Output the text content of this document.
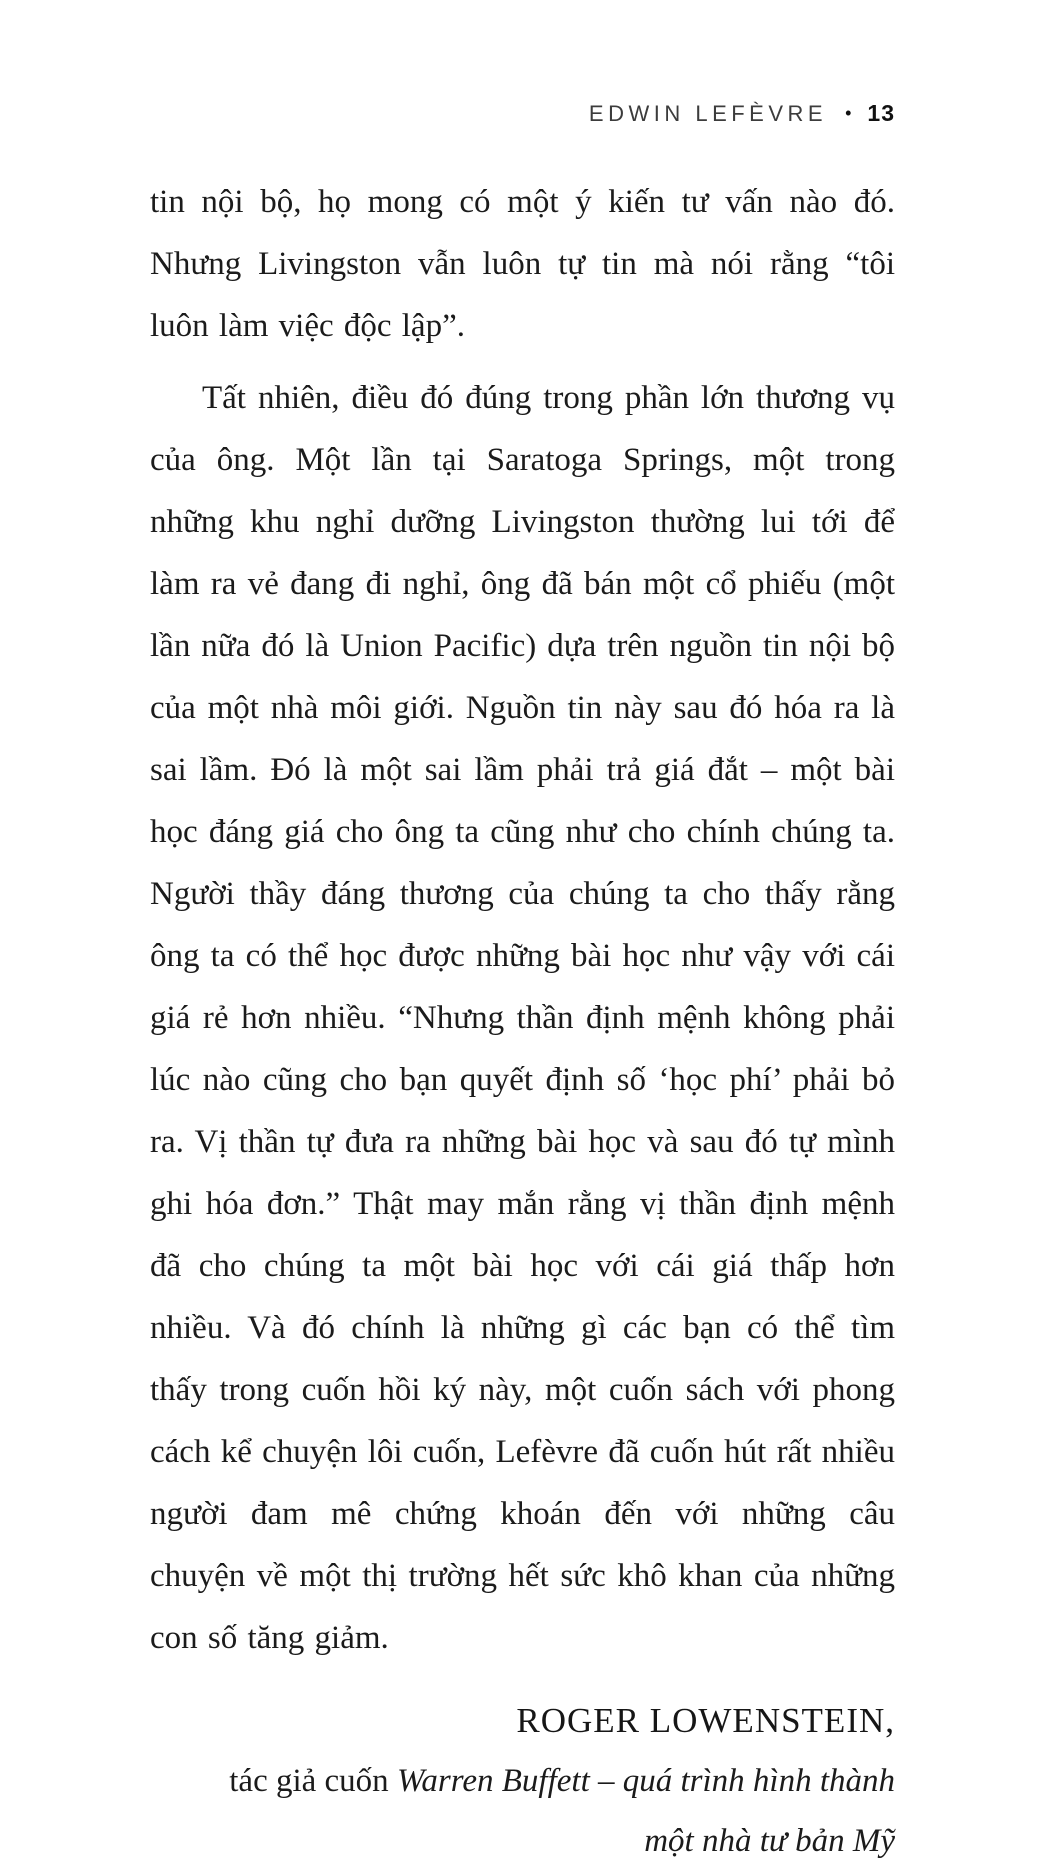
EDWIN LEFÈVRE • 13

tin nội bộ, họ mong có một ý kiến tư vấn nào đó. Nhưng Livingston vẫn luôn tự tin mà nói rằng “tôi luôn làm việc độc lập”.

Tất nhiên, điều đó đúng trong phần lớn thương vụ của ông. Một lần tại Saratoga Springs, một trong những khu nghỉ dưỡng Livingston thường lui tới để làm ra vẻ đang đi nghỉ, ông đã bán một cổ phiếu (một lần nữa đó là Union Pacific) dựa trên nguồn tin nội bộ của một nhà môi giới. Nguồn tin này sau đó hóa ra là sai lầm. Đó là một sai lầm phải trả giá đắt – một bài học đáng giá cho ông ta cũng như cho chính chúng ta. Người thầy đáng thương của chúng ta cho thấy rằng ông ta có thể học được những bài học như vậy với cái giá rẻ hơn nhiều. “Nhưng thần định mệnh không phải lúc nào cũng cho bạn quyết định số ‘học phí’ phải bỏ ra. Vị thần tự đưa ra những bài học và sau đó tự mình ghi hóa đơn.” Thật may mắn rằng vị thần định mệnh đã cho chúng ta một bài học với cái giá thấp hơn nhiều. Và đó chính là những gì các bạn có thể tìm thấy trong cuốn hồi ký này, một cuốn sách với phong cách kể chuyện lôi cuốn, Lefèvre đã cuốn hút rất nhiều người đam mê chứng khoán đến với những câu chuyện về một thị trường hết sức khô khan của những con số tăng giảm.

ROGER LOWENSTEIN,
tác giả cuốn Warren Buffett – quá trình hình thành
một nhà tư bản Mỹ
